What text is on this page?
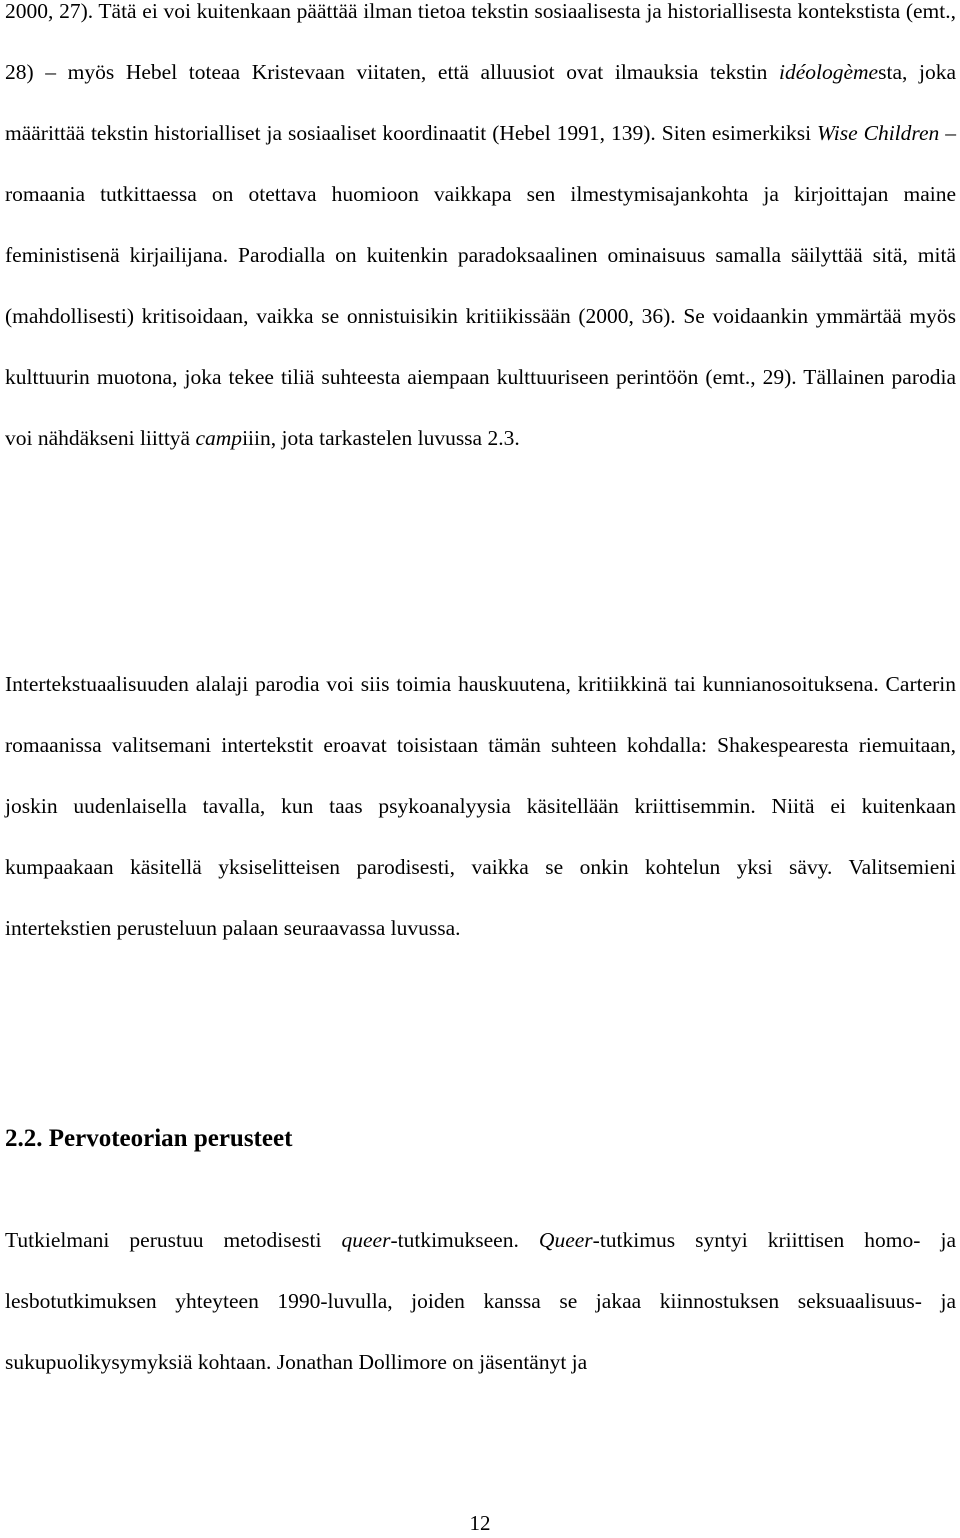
2000, 27). Tätä ei voi kuitenkaan päättää ilman tietoa tekstin sosiaalisesta ja historiallisesta kontekstista (emt., 28) – myös Hebel toteaa Kristevaan viitaten, että alluusiot ovat ilmauksia tekstin idéologèmesta, joka määrittää tekstin historialliset ja sosiaaliset koordinaatit (Hebel 1991, 139). Siten esimerkiksi Wise Children –romaania tutkittaessa on otettava huomioon vaikkapa sen ilmestymisajankohta ja kirjoittajan maine feministisenä kirjailijana. Parodialla on kuitenkin paradoksaalinen ominaisuus samalla säilyttää sitä, mitä (mahdollisesti) kritisoidaan, vaikka se onnistuisikin kritiikissään (2000, 36). Se voidaankin ymmärtää myös kulttuurin muotona, joka tekee tiliä suhteesta aiempaan kulttuuriseen perintöön (emt., 29). Tällainen parodia voi nähdäkseni liittyä campiiin, jota tarkastelen luvussa 2.3.

Intertekstuaalisuuden alalaji parodia voi siis toimia hauskuutena, kritiikkinä tai kunnianosoituksena. Carterin romaanissa valitsemani intertekstit eroavat toisistaan tämän suhteen kohdalla: Shakespearesta riemuitaan, joskin uudenlaisella tavalla, kun taas psykoanalyysia käsitellään kriittisemmin. Niitä ei kuitenkaan kumpaakaan käsitellä yksiselitteisen parodisesti, vaikka se onkin kohtelun yksi sävy. Valitsemieni intertekstien perusteluun palaan seuraavassa luvussa.

2.2. Pervoteorian perusteet

Tutkielmani perustuu metodisesti queer-tutkimukseen. Queer-tutkimus syntyi kriittisen homo- ja lesbotutkimuksen yhteyteen 1990-luvulla, joiden kanssa se jakaa kiinnostuksen seksuaalisuus- ja sukupuolikysymyksiä kohtaan. Jonathan Dollimore on jäsentänyt ja

12
